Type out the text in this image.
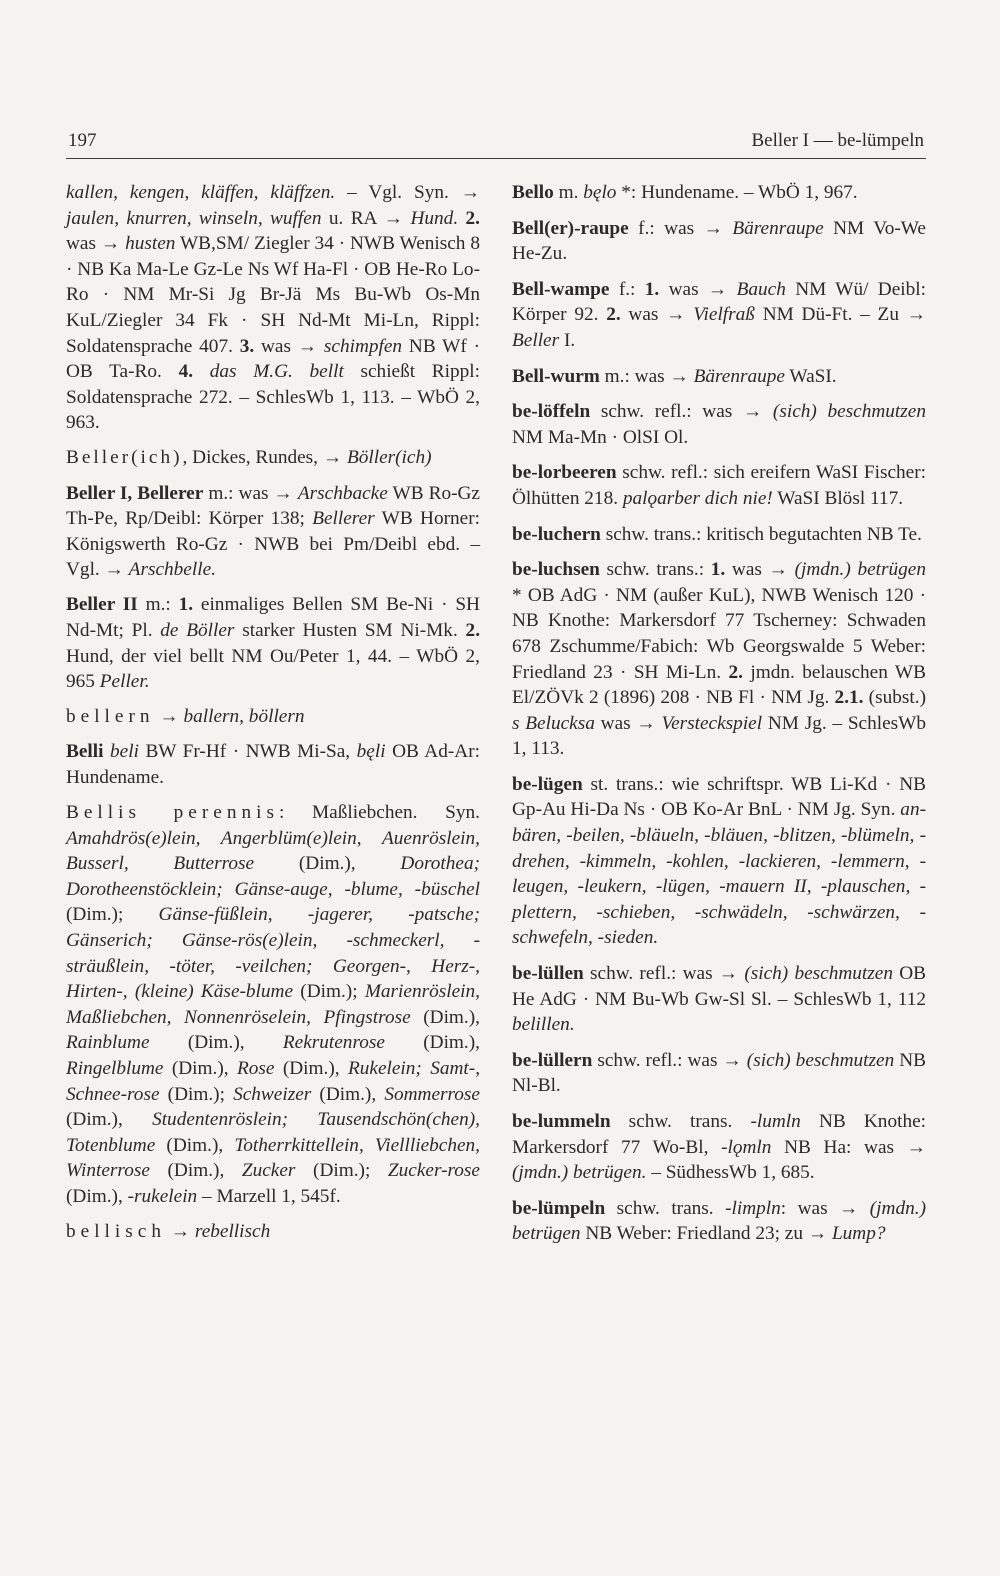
197	Beller I — be-lümpeln

kallen, kengen, kläffen, kläffzen. – Vgl. Syn. → jaulen, knurren, winseln, wuffen u. RA → Hund. 2. was → husten WB,SM/ Ziegler 34 · NWB Wenisch 8 · NB Ka Ma-Le Gz-Le Ns Wf Ha-Fl · OB He-Ro Lo-Ro · NM Mr-Si Jg Br-Jä Ms Bu-Wb Os-Mn KuL/Ziegler 34 Fk · SH Nd-Mt Mi-Ln, Rippl: Soldatensprache 407. 3. was → schimpfen NB Wf · OB Ta-Ro. 4. das M.G. bellt schießt Rippl: Soldatensprache 272. – SchlesWb 1, 113. – WbÖ 2, 963.

Beller(ich), Dickes, Rundes, → Böller(ich)

Beller I, Bellerer m.: was → Arschbacke WB Ro-Gz Th-Pe, Rp/Deibl: Körper 138; Bellerer WB Horner: Königswerth Ro-Gz · NWB bei Pm/Deibl ebd. – Vgl. → Arschbelle.

Beller II m.: 1. einmaliges Bellen SM Be-Ni · SH Nd-Mt; Pl. de Böller starker Husten SM Ni-Mk. 2. Hund, der viel bellt NM Ou/Peter 1, 44. – WbÖ 2, 965 Peller.

bellern → ballern, böllern

Belli beli BW Fr-Hf · NWB Mi-Sa, bęli OB Ad-Ar: Hundename.

Bellis perennis: Maßliebchen. Syn. Amahdrös(e)lein, Angerblüm(e)lein, Auenröslein, Busserl, Butterrose (Dim.), Dorothea; Dorotheenstöcklein; Gänse-auge, -blume, -büschel (Dim.); Gänse-füßlein, -jagerer, -patsche; Gänserich; Gänse-rös(e)lein, -schmeckerl, -sträußlein, -töter, -veilchen; Georgen-, Herz-, Hirten-, (kleine) Käse-blume (Dim.); Marienröslein, Maßliebchen, Nonnenröselein, Pfingstrose (Dim.), Rainblume (Dim.), Rekrutenrose (Dim.), Ringelblume (Dim.), Rose (Dim.), Rukelein; Samt-, Schnee-rose (Dim.); Schweizer (Dim.), Sommerrose (Dim.), Studentenröslein; Tausendschön(chen), Totenblume (Dim.), Totherrkittellein, Viellliebchen, Winterrose (Dim.), Zucker (Dim.); Zucker-rose (Dim.), -rukelein – Marzell 1, 545f.

bellisch → rebellisch

Bello m. bęlo *: Hundename. – WbÖ 1, 967.

Bell(er)-raupe f.: was → Bärenraupe NM Vo-We He-Zu.

Bell-wampe f.: 1. was → Bauch NM Wü/ Deibl: Körper 92. 2. was → Vielfraß NM Dü-Ft. – Zu → Beller I.

Bell-wurm m.: was → Bärenraupe WaSI.

be-löffeln schw. refl.: was → (sich) beschmutzen NM Ma-Mn · OlSI Ol.

be-lorbeeren schw. refl.: sich ereifern WaSI Fischer: Ölhütten 218. palǫarber dich nie! WaSI Blösl 117.

be-luchern schw. trans.: kritisch begutachten NB Te.

be-luchsen schw. trans.: 1. was → (jmdn.) betrügen * OB AdG · NM (außer KuL), NWB Wenisch 120 · NB Knothe: Markersdorf 77 Tscherney: Schwaden 678 Zschumme/Fabich: Wb Georgswalde 5 Weber: Friedland 23 · SH Mi-Ln. 2. jmdn. belauschen WB El/ZÖVk 2 (1896) 208 · NB Fl · NM Jg. 2.1. (subst.) s Belucksa was → Versteckspiel NM Jg. – SchlesWb 1, 113.

be-lügen st. trans.: wie schriftspr. WB Li-Kd · NB Gp-Au Hi-Da Ns · OB Ko-Ar BnL · NM Jg. Syn. an-bären, -beilen, -bläueln, -bläuen, -blitzen, -blümeln, -drehen, -kimmeln, -kohlen, -lackieren, -lemmern, -leugen, -leukern, -lügen, -mauern II, -plauschen, -plettern, -schieben, -schwädeln, -schwärzen, -schwefeln, -sieden.

be-lüllen schw. refl.: was → (sich) beschmutzen OB He AdG · NM Bu-Wb Gw-Sl Sl. – SchlesWb 1, 112 belillen.

be-lüllern schw. refl.: was → (sich) beschmutzen NB Nl-Bl.

be-lummeln schw. trans. -lumln NB Knothe: Markersdorf 77 Wo-Bl, -lǫmln NB Ha: was → (jmdn.) betrügen. – SüdhessWb 1, 685.

be-lümpeln schw. trans. -limpln: was → (jmdn.) betrügen NB Weber: Friedland 23; zu → Lump?
